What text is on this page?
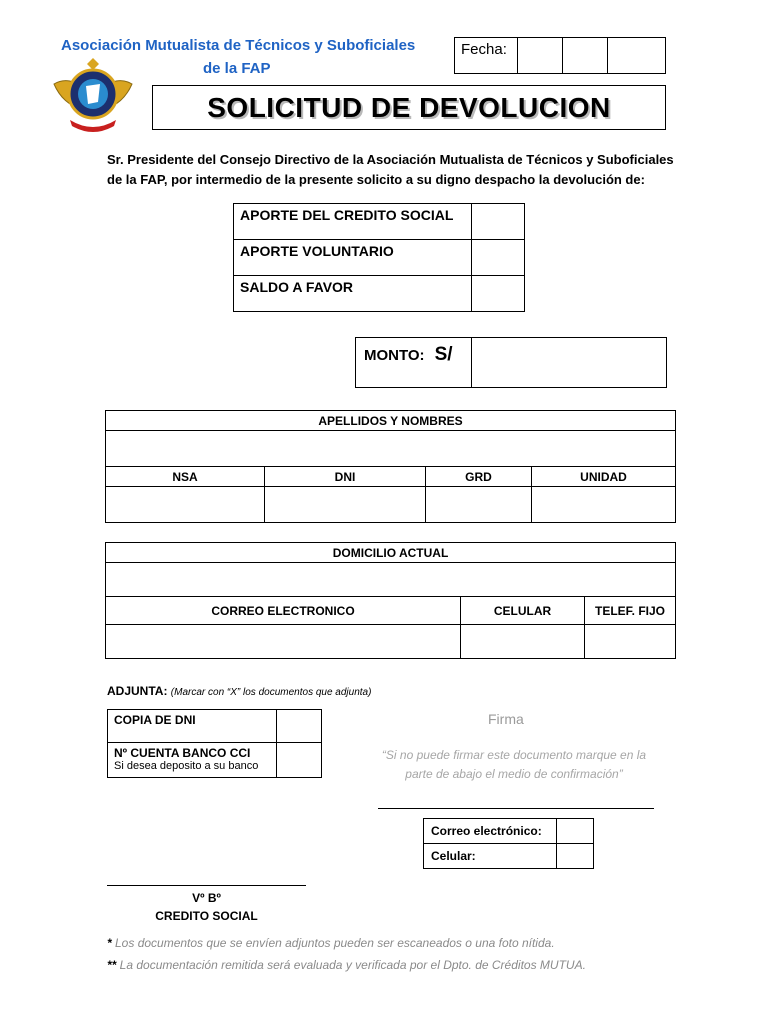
Asociación Mutualista de Técnicos y Suboficiales
de la FAP
Fecha:
SOLICITUD DE DEVOLUCION
Sr. Presidente del Consejo Directivo de la Asociación Mutualista de Técnicos y Suboficiales
de la FAP, por intermedio de la presente solicito a su digno despacho la devolución de:
APORTE DEL CREDITO SOCIAL	
APORTE VOLUNTARIO	
SALDO A FAVOR	
MONTO: S/
APELLIDOS Y NOMBRES			

NSA	DNI	GRD	UNIDAD

DOMICILIO ACTUAL		

CORREO ELECTRONICO	CELULAR	TELEF. FIJO

ADJUNTA: (Marcar con “X” los documentos que adjunta)
COPIA DE DNI	
Nº CUENTA BANCO CCI
Si desea deposito a su banco	

Firma
“Si no puede firmar este documento marque en la
parte de abajo el medio de confirmación”
Correo electrónico:	
Celular:	
Vº Bº
CREDITO SOCIAL
* Los documentos que se envíen adjuntos pueden ser escaneados o una foto nítida.
** La documentación remitida será evaluada y verificada por el Dpto. de Créditos MUTUA.
